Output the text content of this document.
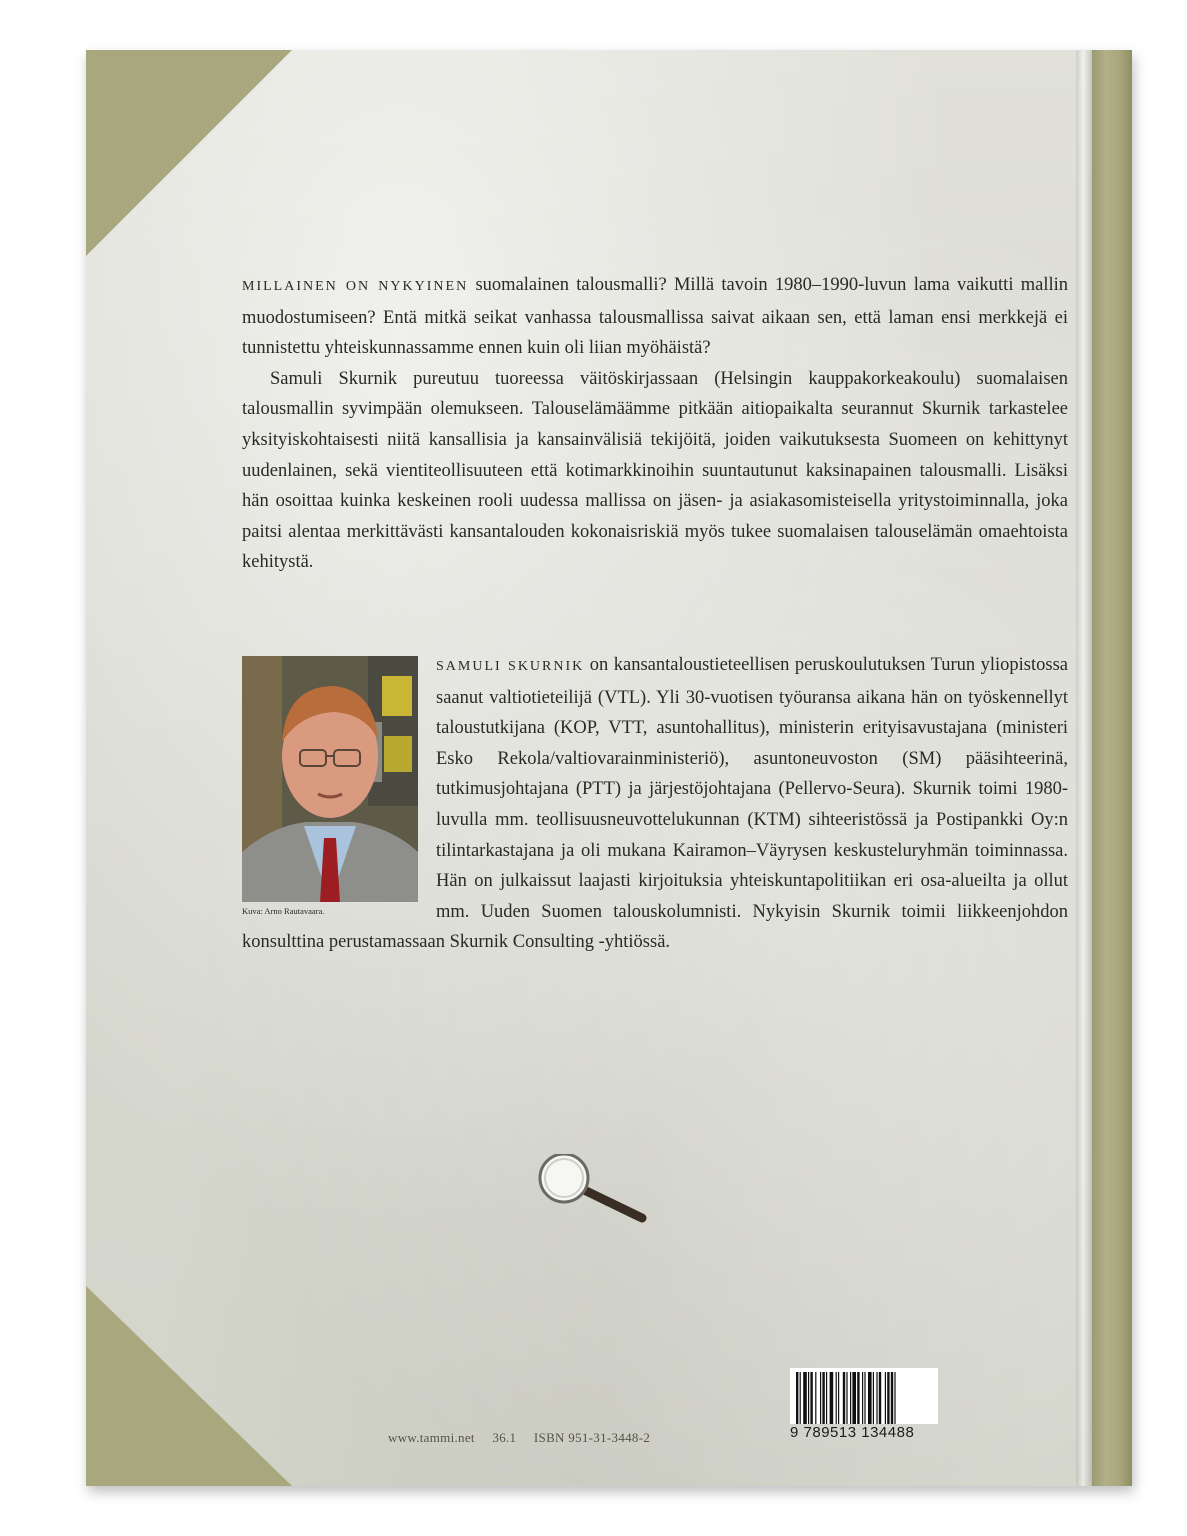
MILLAINEN ON NYKYINEN suomalainen talousmalli? Millä tavoin 1980–1990-luvun lama vaikutti mallin muodostumiseen? Entä mitkä seikat vanhassa talousmallissa saivat aikaan sen, että laman ensi merkkejä ei tunnistettu yhteiskunnassamme ennen kuin oli liian myöhäistä?

Samuli Skurnik pureutuu tuoreessa väitöskirjassaan (Helsingin kauppakorkeakoulu) suomalaisen talousmallin syvimpään olemukseen. Talouselämäämme pitkään aitiopaikalta seurannut Skurnik tarkastelee yksityiskohtaisesti niitä kansallisia ja kansainvälisiä tekijöitä, joiden vaikutuksesta Suomeen on kehittynyt uudenlainen, sekä vientiteollisuuteen että kotimarkkinoihin suuntautunut kaksinapainen talousmalli. Lisäksi hän osoittaa kuinka keskeinen rooli uudessa mallissa on jäsen- ja asiakasomisteisella yritystoiminnalla, joka paitsi alentaa merkittävästi kansantalouden kokonaisriskiä myös tukee suomalaisen talouselämän omaehtoista kehitystä.

Kuva: Arno Rautavaara.

SAMULI SKURNIK on kansantaloustieteellisen peruskoulutuksen Turun yliopistossa saanut valtiotieteilijä (VTL). Yli 30-vuotisen työuransa aikana hän on työskennellyt taloustutkijana (KOP, VTT, asuntohallitus), ministerin erityisavustajana (ministeri Esko Rekola/valtiovarainministeriö), asuntoneuvoston (SM) pääsihteerinä, tutkimusjohtajana (PTT) ja järjestöjohtajana (Pellervo-Seura). Skurnik toimi 1980-luvulla mm. teollisuusneuvottelukunnan (KTM) sihteeristössä ja Postipankki Oy:n tilintarkastajana ja oli mukana Kairamon–Väyrysen keskusteluryhmän toiminnassa. Hän on julkaissut laajasti kirjoituksia yhteiskuntapolitiikan eri osa-alueilta ja ollut mm. Uuden Suomen talouskolumnisti. Nykyisin Skurnik toimii liikkeenjohdon konsulttina perustamassaan Skurnik Consulting -yhtiössä.

www.tammi.net 36.1 ISBN 951-31-3448-2	9 789513 134488
